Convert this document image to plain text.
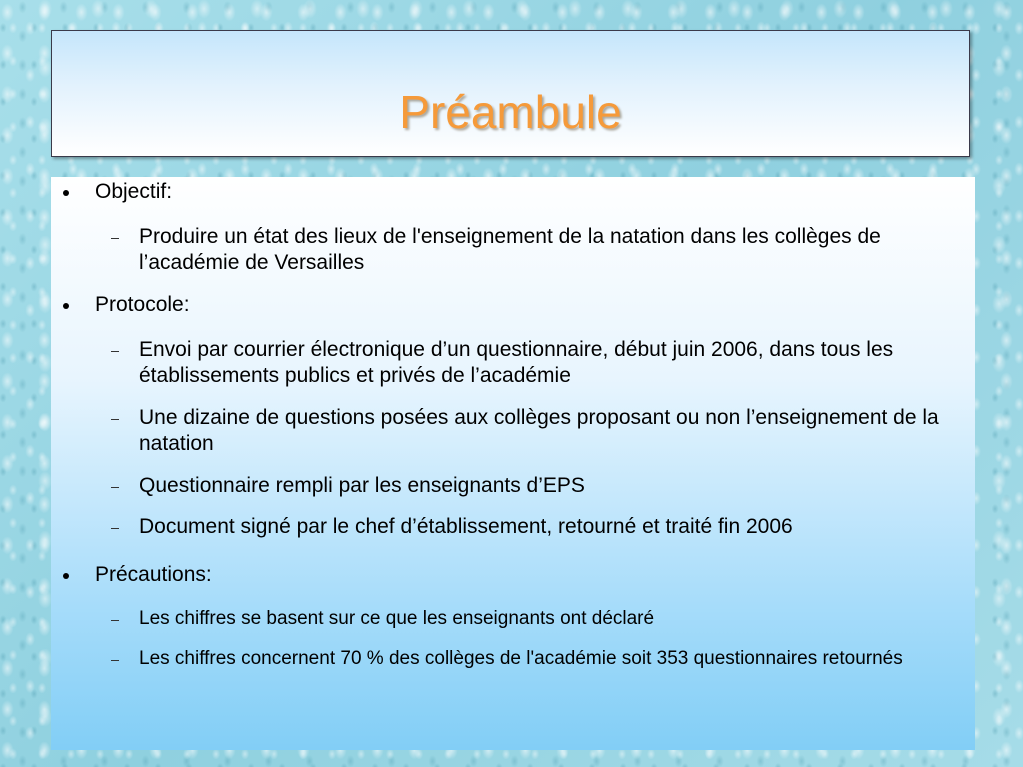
Préambule
Objectif:
Produire un état des lieux de l'enseignement de la natation dans les collèges de l’académie de Versailles
Protocole:
Envoi par courrier électronique d’un questionnaire, début juin 2006, dans tous les établissements publics et privés de l’académie
Une dizaine de questions posées aux collèges proposant ou non l’enseignement de la natation
Questionnaire rempli par les enseignants d’EPS
Document signé par le chef d’établissement, retourné et traité fin 2006
Précautions:
Les chiffres se basent sur ce que les enseignants ont déclaré
Les chiffres concernent 70 % des collèges de l'académie soit 353 questionnaires retournés
